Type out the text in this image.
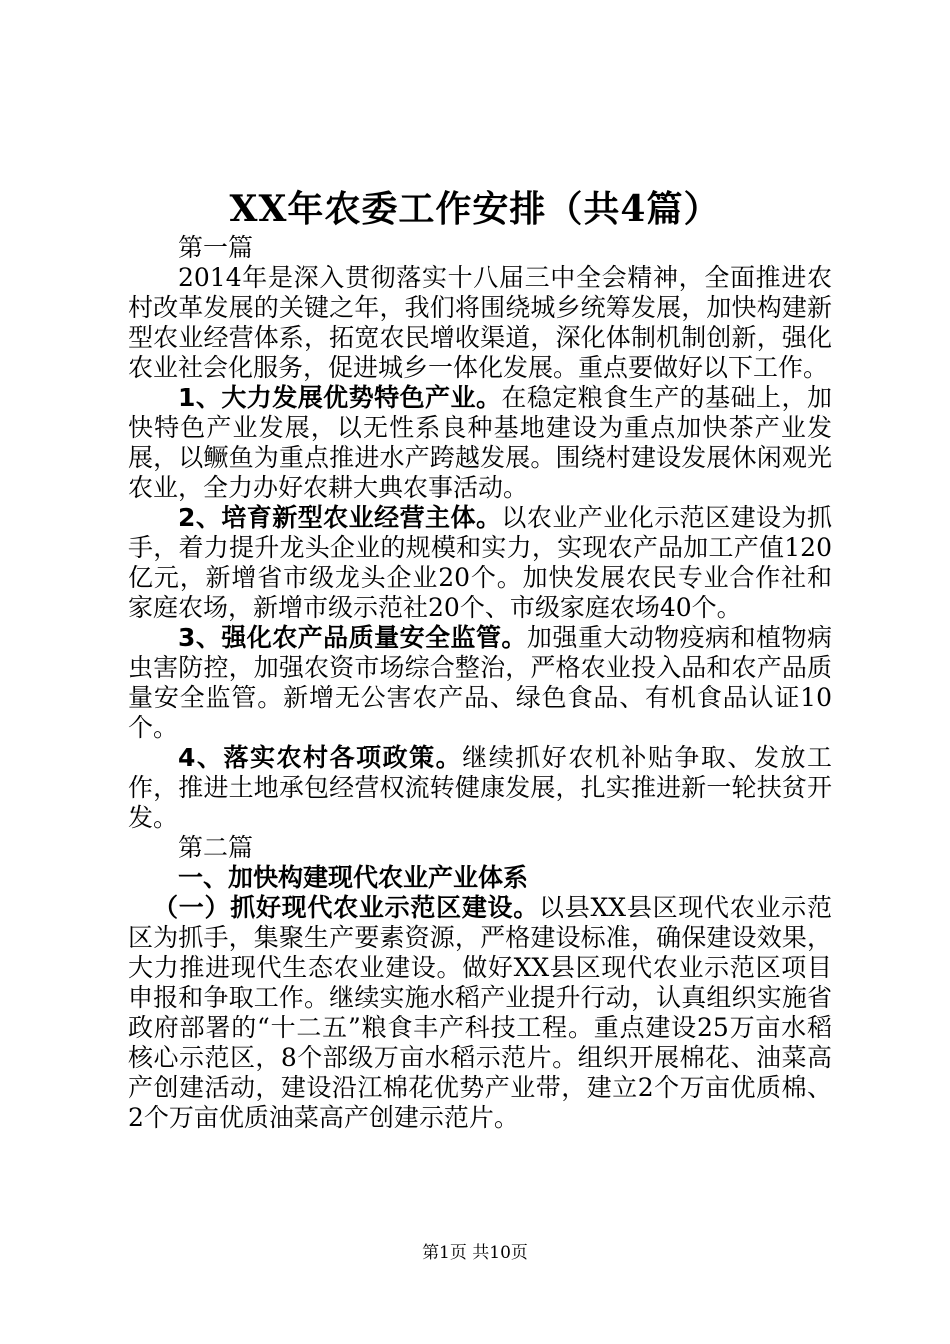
XX年农委工作安排（共4篇）

第一篇

2014年是深入贯彻落实十八届三中全会精神，全面推进农村改革发展的关键之年，我们将围绕城乡统筹发展，加快构建新型农业经营体系，拓宽农民增收渠道，深化体制机制创新，强化农业社会化服务，促进城乡一体化发展。重点要做好以下工作。

1、大力发展优势特色产业。在稳定粮食生产的基础上，加快特色产业发展，以无性系良种基地建设为重点加快茶产业发展，以鳜鱼为重点推进水产跨越发展。围绕村建设发展休闲观光农业，全力办好农耕大典农事活动。

2、培育新型农业经营主体。以农业产业化示范区建设为抓手，着力提升龙头企业的规模和实力，实现农产品加工产值120亿元，新增省市级龙头企业20个。加快发展农民专业合作社和家庭农场，新增市级示范社20个、市级家庭农场40个。

3、强化农产品质量安全监管。加强重大动物疫病和植物病虫害防控，加强农资市场综合整治，严格农业投入品和农产品质量安全监管。新增无公害农产品、绿色食品、有机食品认证10个。

4、落实农村各项政策。继续抓好农机补贴争取、发放工作，推进土地承包经营权流转健康发展，扎实推进新一轮扶贫开发。

第二篇

一、加快构建现代农业产业体系

（一）抓好现代农业示范区建设。以县XX县区现代农业示范区为抓手，集聚生产要素资源，严格建设标准，确保建设效果，大力推进现代生态农业建设。做好XX县区现代农业示范区项目申报和争取工作。继续实施水稻产业提升行动，认真组织实施省政府部署的“十二五”粮食丰产科技工程。重点建设25万亩水稻核心示范区，8个部级万亩水稻示范片。组织开展棉花、油菜高产创建活动，建设沿江棉花优势产业带，建立2个万亩优质棉、2个万亩优质油菜高产创建示范片。

第1页 共10页
